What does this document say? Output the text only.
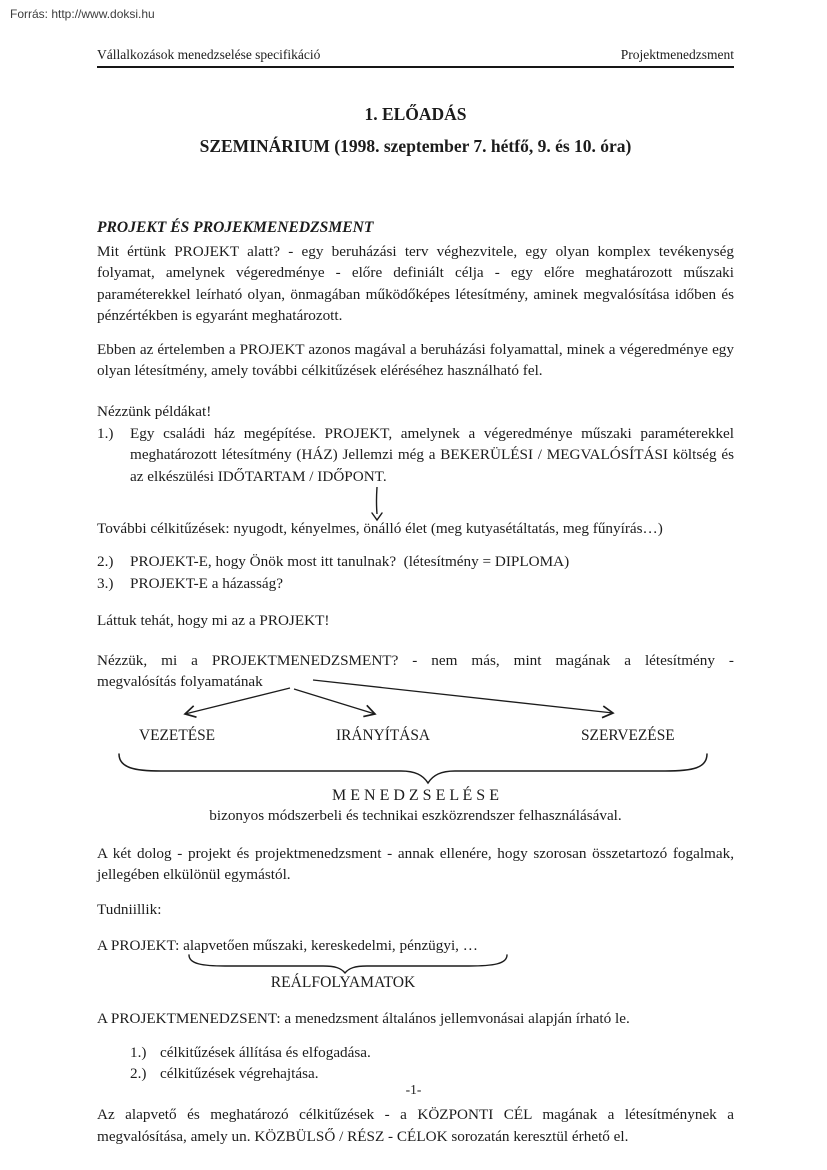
Forrás: http://www.doksi.hu
Vállalkozások menedzselése specifikáció	Projektmenedzsment
1. ELŐADÁS
SZEMINÁRIUM (1998. szeptember 7. hétfő, 9. és 10. óra)
PROJEKT ÉS PROJEKMENEDZSMENT

Mit értünk PROJEKT alatt? - egy beruházási terv véghezvitele, egy olyan komplex tevékenység folyamat, amelynek végeredménye - előre definiált célja - egy előre meghatározott műszaki paraméterekkel leírható olyan, önmagában működőképes létesítmény, aminek megvalósítása időben és pénzértékben is egyaránt meghatározott.

Ebben az értelemben a PROJEKT azonos magával a beruházási folyamattal, minek a végeredménye egy olyan létesítmény, amely további célkitűzések eléréséhez használható fel.

Nézzünk példákat!

1.)	Egy családi ház megépítése. PROJEKT, amelynek a végeredménye műszaki paraméterekkel meghatározott létesítmény (HÁZ) Jellemzi még a BEKERÜLÉSI / MEGVALÓSÍTÁSI költség és az elkészülési IDŐTARTAM / IDŐPONT.

További célkitűzések: nyugodt, kényelmes, önálló élet (meg kutyasétáltatás, meg fűnyírás…)

2.)	PROJEKT-E, hogy Önök most itt tanulnak?  (létesítmény = DIPLOMA)
3.)	PROJEKT-E a házasság?

Láttuk tehát, hogy mi az a PROJEKT!

Nézzük, mi a PROJEKTMENEDZSMENT? - nem más, mint magának a létesítmény -

megvalósítás folyamatának

VEZETÉSE	IRÁNYÍTÁSA	SZERVEZÉSE
M E N E D Z S E L É S E
bizonyos módszerbeli és technikai eszközrendszer felhasználásával.

A két dolog - projekt és projektmenedzsment - annak ellenére, hogy szorosan összetartozó fogalmak, jellegében elkülönül egymástól.

Tudniillik:

A PROJEKT: alapvetően műszaki, kereskedelmi, pénzügyi, …
REÁLFOLYAMATOK

A PROJEKTMENEDZSENT: a menedzsment általános jellemvonásai alapján írható le.

1.) célkitűzések állítása és elfogadása.
2.) célkitűzések végrehajtása.

Az alapvető és meghatározó célkitűzések - a KÖZPONTI CÉL magának a létesítménynek a megvalósítása, amely un. KÖZBÜLSŐ / RÉSZ - CÉLOK sorozatán keresztül érhető el.

-1-
